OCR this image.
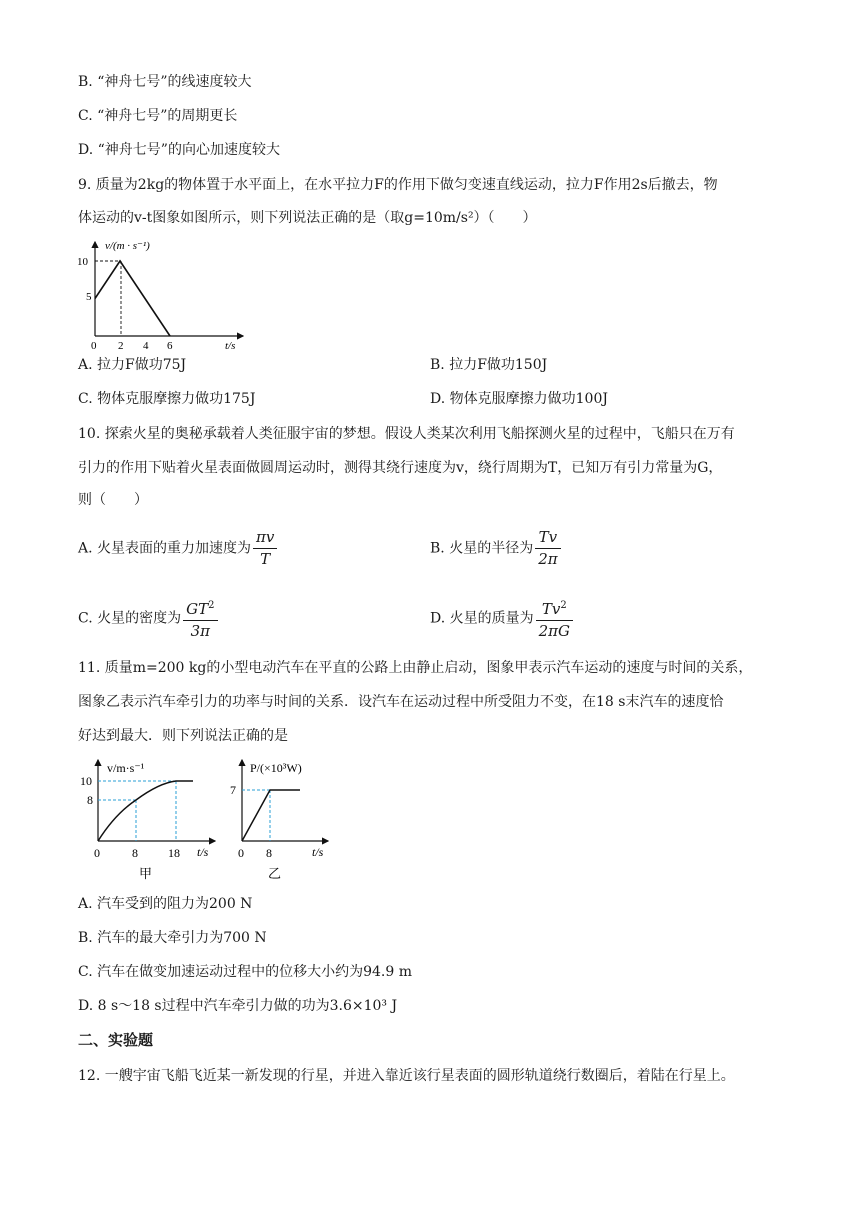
B. “神舟七号”的线速度较大
C. “神舟七号”的周期更长
D. “神舟七号”的向心加速度较大
9. 质量为2kg的物体置于水平面上，在水平拉力F的作用下做匀变速直线运动，拉力F作用2s后撤去，物
体运动的v-t图象如图所示，则下列说法正确的是（取g=10m/s²）（　　）
v/(m · s⁻¹)
t/s
10
5
0 2 4 6
A. 拉力F做功75J	B. 拉力F做功150J
C. 物体克服摩擦力做功175J	D. 物体克服摩擦力做功100J
10. 探索火星的奥秘承载着人类征服宇宙的梦想。假设人类某次利用飞船探测火星的过程中，飞船只在万有
引力的作用下贴着火星表面做圆周运动时，测得其绕行速度为v，绕行周期为T，已知万有引力常量为G，
则（　　）
A. 火星表面的重力加速度为 $\frac{\pi v}{T}$	B. 火星的半径为 $\frac{Tv}{2\pi}$
C. 火星的密度为 $\frac{GT^2}{3\pi}$	D. 火星的质量为 $\frac{Tv^2}{2\pi G}$
11. 质量m=200 kg的小型电动汽车在平直的公路上由静止启动，图象甲表示汽车运动的速度与时间的关系，
图象乙表示汽车牵引力的功率与时间的关系．设汽车在运动过程中所受阻力不变，在18 s末汽车的速度恰
好达到最大．则下列说法正确的是
v/m·s⁻¹
t/s
10
8
0	8	18
甲
P/(×10³W)
t/s
7
0 8
乙
A. 汽车受到的阻力为200 N
B. 汽车的最大牵引力为700 N
C. 汽车在做变加速运动过程中的位移大小约为94.9 m
D. 8 s～18 s过程中汽车牵引力做的功为3.6×10³ J
二、实验题
12. 一艘宇宙飞船飞近某一新发现的行星，并进入靠近该行星表面的圆形轨道绕行数圈后，着陆在行星上。
